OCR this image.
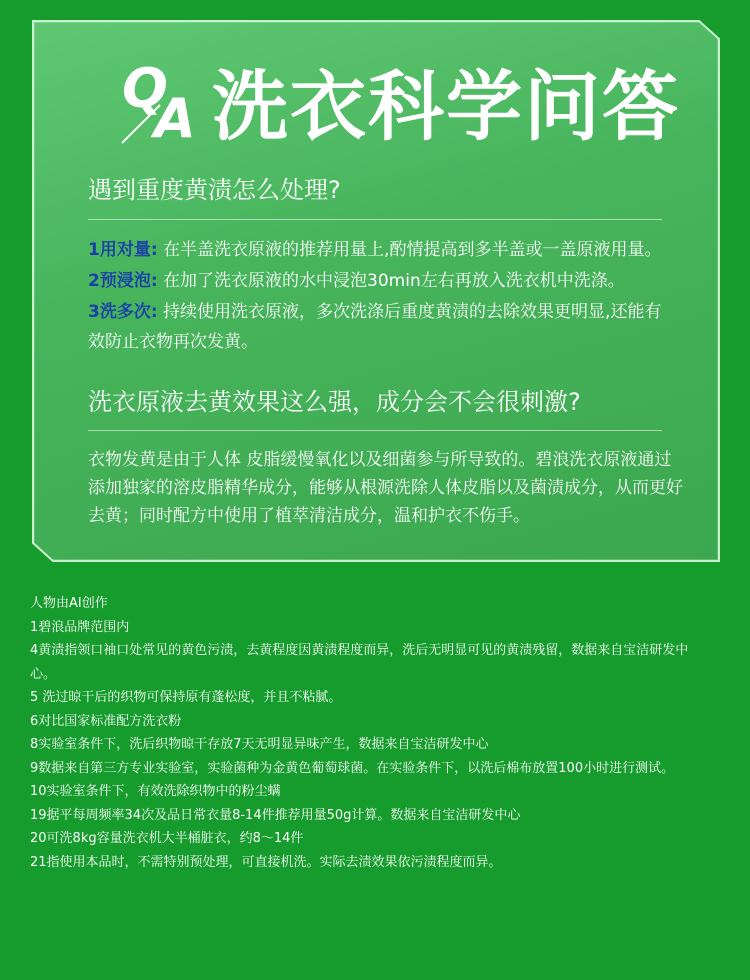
Q
A 洗衣科学问答
遇到重度黄渍怎么处理?
1用对量: 在半盖洗衣原液的推荐用量上,酌情提高到多半盖或一盖原液用量。
2预浸泡: 在加了洗衣原液的水中浸泡30min左右再放入洗衣机中洗涤。
3洗多次: 持续使用洗衣原液，多次洗涤后重度黄渍的去除效果更明显,还能有效防止衣物再次发黄。
洗衣原液去黄效果这么强，成分会不会很刺激?
衣物发黄是由于人体 皮脂缓慢氧化以及细菌参与所导致的。碧浪洗衣原液通过添加独家的溶皮脂精华成分，能够从根源洗除人体皮脂以及菌渍成分，从而更好去黄；同时配方中使用了植萃清洁成分，温和护衣不伤手。
人物由AI创作
1碧浪品牌范围内
4黄渍指领口袖口处常见的黄色污渍，去黄程度因黄渍程度而异，洗后无明显可见的黄渍残留，数据来自宝洁研发中心。
5 洗过晾干后的织物可保持原有蓬松度，并且不粘腻。
6对比国家标准配方洗衣粉
8实验室条件下，洗后织物晾干存放7天无明显异味产生，数据来自宝洁研发中心
9数据来自第三方专业实验室，实验菌种为金黄色葡萄球菌。在实验条件下，以洗后棉布放置100小时进行测试。
10实验室条件下，有效洗除织物中的粉尘螨
19据平每周频率34次及品日常衣量8-14件推荐用量50g计算。数据来自宝洁研发中心
20可洗8kg容量洗衣机大半桶脏衣，约8～14件
21指使用本品时，不需特别预处理，可直接机洗。实际去渍效果依污渍程度而异。
